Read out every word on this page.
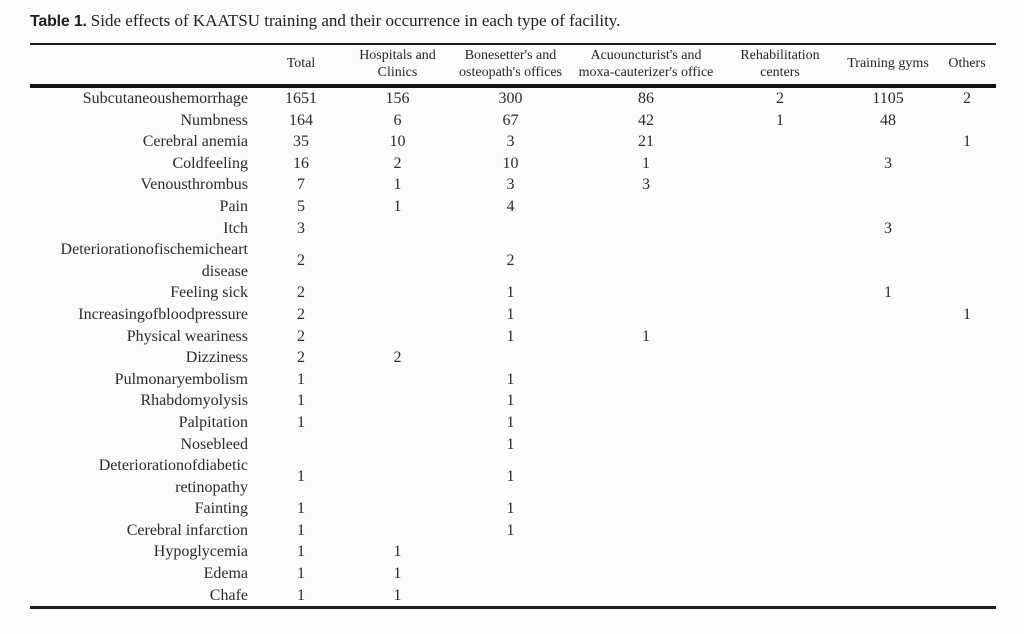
Table 1. Side effects of KAATSU training and their occurrence in each type of facility.
	Total	Hospitals and Clinics	Bonesetter's and osteopath's offices	Acuouncturist's and moxa-cauterizer's office	Rehabilitation centers	Training gyms	Others
Subcutaneoushemorrhage	1651	156	300	86	2	1105	2
Numbness	164	6	67	42	1	48	
Cerebral anemia	35	10	3	21			1
Coldfeeling	16	2	10	1		3	
Venousthrombus	7	1	3	3			
Pain	5	1	4				
Itch	3					3	
Deteriorationofischemicheart disease	2		2				
Feeling sick	2		1			1	
Increasingofbloodpressure	2		1				1
Physical weariness	2		1	1			
Dizziness	2	2					
Pulmonaryembolism	1		1				
Rhabdomyolysis	1		1				
Palpitation	1		1				
Nosebleed			1				
Deteriorationofdiabetic retinopathy	1		1				
Fainting	1		1				
Cerebral infarction	1		1				
Hypoglycemia	1	1					
Edema	1	1					
Chafe	1	1					
